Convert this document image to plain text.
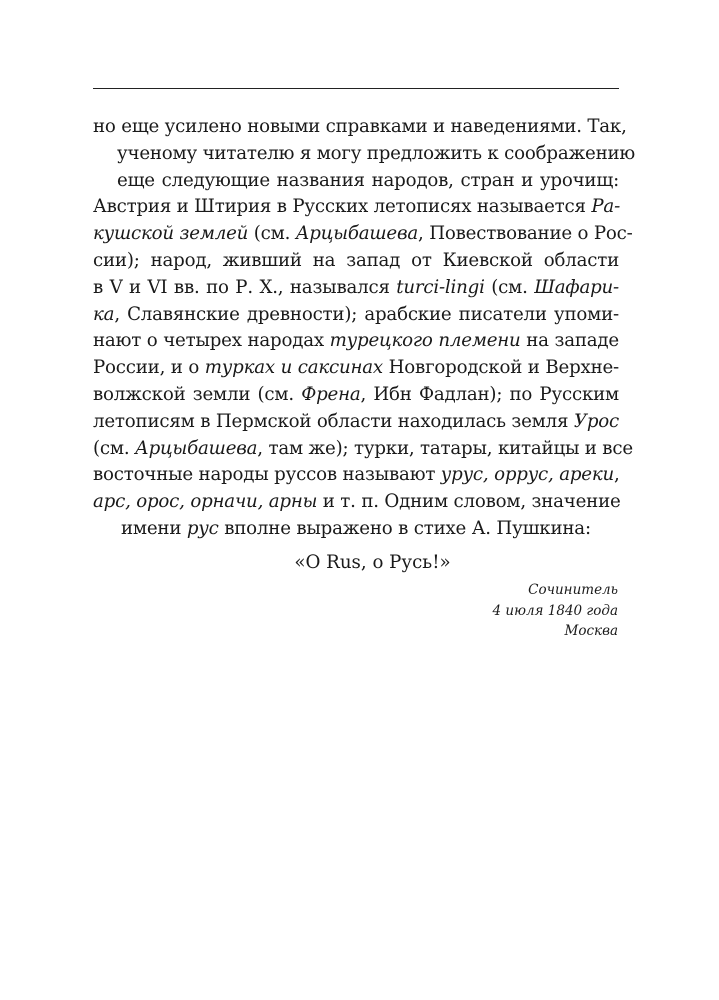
но еще усилено новыми справками и наведениями. Так,
ученому читателю я могу предложить к соображению
еще следующие названия народов, стран и урочищ:
Австрия и Штирия в Русских летописях называется Ра-
кушской землей (см. Арцыбашева, Повествование о Рос-
сии); народ, живший на запад от Киевской области
в V и VI вв. по Р. Х., назывался turci-lingi (см. Шафари-
ка, Славянские древности); арабские писатели упоми-
нают о четырех народах турецкого племени на западе
России, и о турках и саксинах Новгородской и Верхне-
волжской земли (см. Френа, Ибн Фадлан); по Русским
летописям в Пермской области находилась земля Урос
(см. Арцыбашева, там же); турки, татары, китайцы и все
восточные народы руссов называют урус, оррус, ареки,
арс, орос, орначи, арны и т. п. Одним словом, значение
имени рус вполне выражено в стихе А. Пушкина:
«O Rus, о Русь!»
Сочинитель
4 июля 1840 года
Москва
